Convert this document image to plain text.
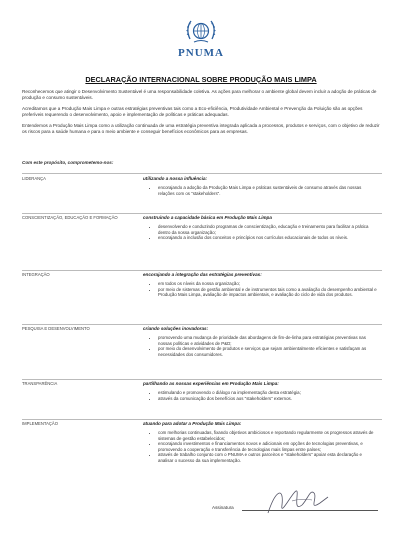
PNUMA
DECLARAÇÃO INTERNACIONAL SOBRE PRODUÇÃO MAIS LIMPA

Reconhecemos que atingir o Desenvolvimento Sustentável é uma responsabilidade coletiva. As ações para melhorar o ambiente global devem incluir a adoção de práticas de produção e consumo sustentáveis.

Acreditamos que a Produção Mais Limpa e outras estratégias preventivas tais como a Eco-eficiência, Produtividade Ambiental e Prevenção da Poluição são as opções preferíveis requerendo o desenvolvimento, apoio e implementação de políticas e práticas adequadas.

Entendemos a Produção Mais Limpa como a utilização continuada de uma estratégia preventiva integrada aplicada a processos, produtos e serviços, com o objetivo de reduzir os riscos para a saúde humana e para o meio ambiente e conseguir benefícios econômicos para as empresas.

Com este propósito, comprometemo-nos:
LIDERANÇA	utilizando a nossa influência:
• encorajando a adoção da Produção Mais Limpa e práticas sustentáveis de consumo através das nossas relações com os "stakeholders".
CONSCIENTIZAÇÃO, EDUCAÇÃO E FORMAÇÃO	construindo a capacidade básica em Produção Mais Limpa
• desenvolvendo e conduzindo programas de conscientização, educação e treinamento para facilitar a prática dentro da nossa organização;
• encorajando a inclusão dos conceitos e princípios nos currículos educacionais de todos os níveis.
INTEGRAÇÃO	encorajando a integração das estratégias preventivas:
• em todos os níveis da nossa organização;
• por meio de sistemas de gestão ambiental e de instrumentos tais como a avaliação do desempenho ambiental e Produção Mais Limpa, avaliação de impactos ambientais, e avaliação do ciclo de vida dos produtos.
PESQUISA E DESENVOLVIMENTO	criando soluções inovadoras:
• promovendo uma mudança de prioridade das abordagens de fim-de-linha para estratégias preventivas nas nossas políticas e atividades de P&D;
• por meio do desenvolvimento de produtos e serviços que sejam ambientalmente eficientes e satisfaçam as necessidades dos consumidores.
TRANSPARÊNCIA	partilhando as nossas experiências em Produção Mais Limpa:
• estimulando e promovendo o diálogo na implementação desta estratégia;
• através da comunicação dos benefícios aos "stakeholders" externos.
IMPLEMENTAÇÃO	atuando para adotar a Produção Mais Limpa:
• com melhorias continuadas, fixando objetivos ambiciosos e reportando regularmente os progressos através de sistemas de gestão estabelecidos;
• encorajando investimentos e financiamentos novos e adicionais em opções de tecnologias preventivas, e promovendo a cooperação e transferência de tecnologias mais limpas entre países;
• através de trabalho conjunto com o PNUMA e outros parceiros e "stakeholders" apoiar esta declaração e analisar o sucesso da sua implementação.
Assinatura
